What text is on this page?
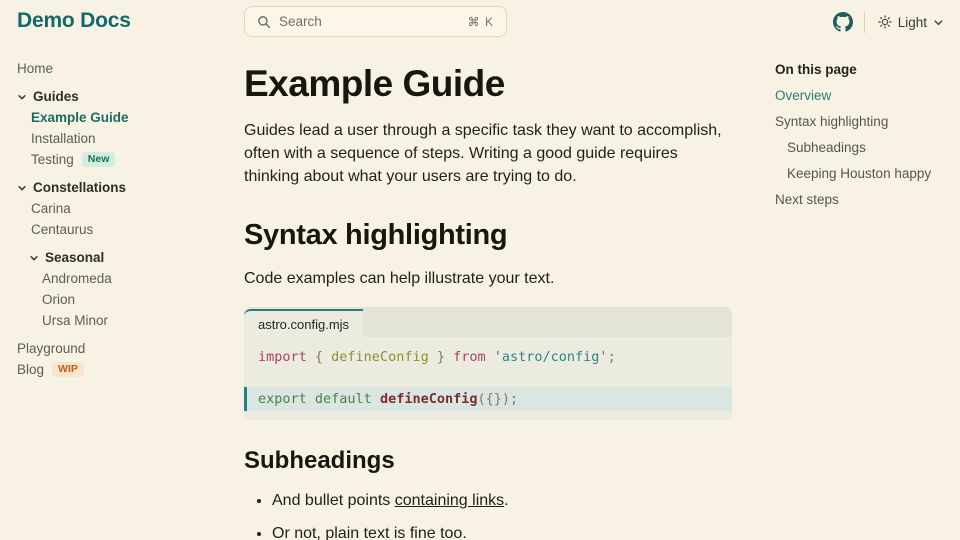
Demo Docs	Search	⌘ K	Light
Home
Guides
Example Guide
Installation
Testing	New
Constellations
Carina
Centaurus
Seasonal
Andromeda
Orion
Ursa Minor
Playground
Blog	WIP
Example Guide

Guides lead a user through a specific task they want to accomplish, often with a sequence of steps. Writing a good guide requires thinking about what your users are trying to do.

Syntax highlighting

Code examples can help illustrate your text.

astro.config.mjs
import { defineConfig } from 'astro/config';
export default defineConfig ({});
Subheadings
• And bullet points containing links.
• Or not, plain text is fine too.
On this page
Overview
Syntax highlighting
Subheadings
Keeping Houston happy
Next steps
